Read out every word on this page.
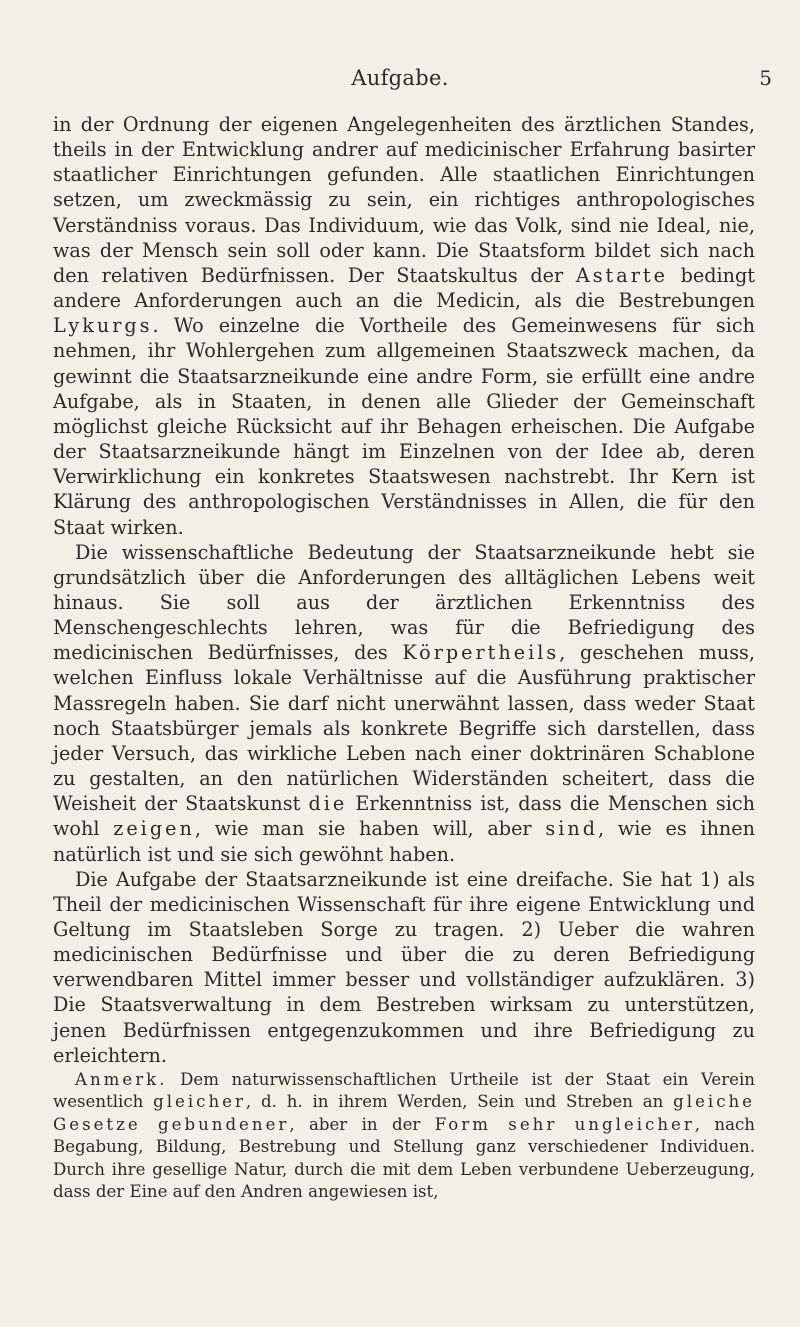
Aufgabe.	5

in der Ordnung der eigenen Angelegenheiten des ärztlichen Standes, theils in der Entwicklung andrer auf medicinischer Erfahrung basirter staatlicher Einrichtungen gefunden. Alle staatlichen Einrichtungen setzen, um zweckmässig zu sein, ein richtiges anthropologisches Verständniss voraus. Das Individuum, wie das Volk, sind nie Ideal, nie, was der Mensch sein soll oder kann. Die Staatsform bildet sich nach den relativen Bedürfnissen. Der Staatskultus der Astarte bedingt andere Anforderungen auch an die Medicin, als die Bestrebungen Lykurgs. Wo einzelne die Vortheile des Gemeinwesens für sich nehmen, ihr Wohlergehen zum allgemeinen Staatszweck machen, da gewinnt die Staatsarzneikunde eine andre Form, sie erfüllt eine andre Aufgabe, als in Staaten, in denen alle Glieder der Gemeinschaft möglichst gleiche Rücksicht auf ihr Behagen erheischen. Die Aufgabe der Staatsarzneikunde hängt im Einzelnen von der Idee ab, deren Verwirklichung ein konkretes Staatswesen nachstrebt. Ihr Kern ist Klärung des anthropologischen Verständnisses in Allen, die für den Staat wirken.

Die wissenschaftliche Bedeutung der Staatsarzneikunde hebt sie grundsätzlich über die Anforderungen des alltäglichen Lebens weit hinaus. Sie soll aus der ärztlichen Erkenntniss des Menschengeschlechts lehren, was für die Befriedigung des medicinischen Bedürfnisses, des Körpertheils, geschehen muss, welchen Einfluss lokale Verhältnisse auf die Ausführung praktischer Massregeln haben. Sie darf nicht unerwähnt lassen, dass weder Staat noch Staatsbürger jemals als konkrete Begriffe sich darstellen, dass jeder Versuch, das wirkliche Leben nach einer doktrinären Schablone zu gestalten, an den natürlichen Widerständen scheitert, dass die Weisheit der Staatskunst die Erkenntniss ist, dass die Menschen sich wohl zeigen, wie man sie haben will, aber sind, wie es ihnen natürlich ist und sie sich gewöhnt haben.

Die Aufgabe der Staatsarzneikunde ist eine dreifache. Sie hat 1) als Theil der medicinischen Wissenschaft für ihre eigene Entwicklung und Geltung im Staatsleben Sorge zu tragen. 2) Ueber die wahren medicinischen Bedürfnisse und über die zu deren Befriedigung verwendbaren Mittel immer besser und vollständiger aufzuklären. 3) Die Staatsverwaltung in dem Bestreben wirksam zu unterstützen, jenen Bedürfnissen entgegenzukommen und ihre Befriedigung zu erleichtern.

Anmerk. Dem naturwissenschaftlichen Urtheile ist der Staat ein Verein wesentlich gleicher, d. h. in ihrem Werden, Sein und Streben an gleiche Gesetze gebundener, aber in der Form sehr ungleicher, nach Begabung, Bildung, Bestrebung und Stellung ganz verschiedener Individuen. Durch ihre gesellige Natur, durch die mit dem Leben verbundene Ueberzeugung, dass der Eine auf den Andren angewiesen ist,
